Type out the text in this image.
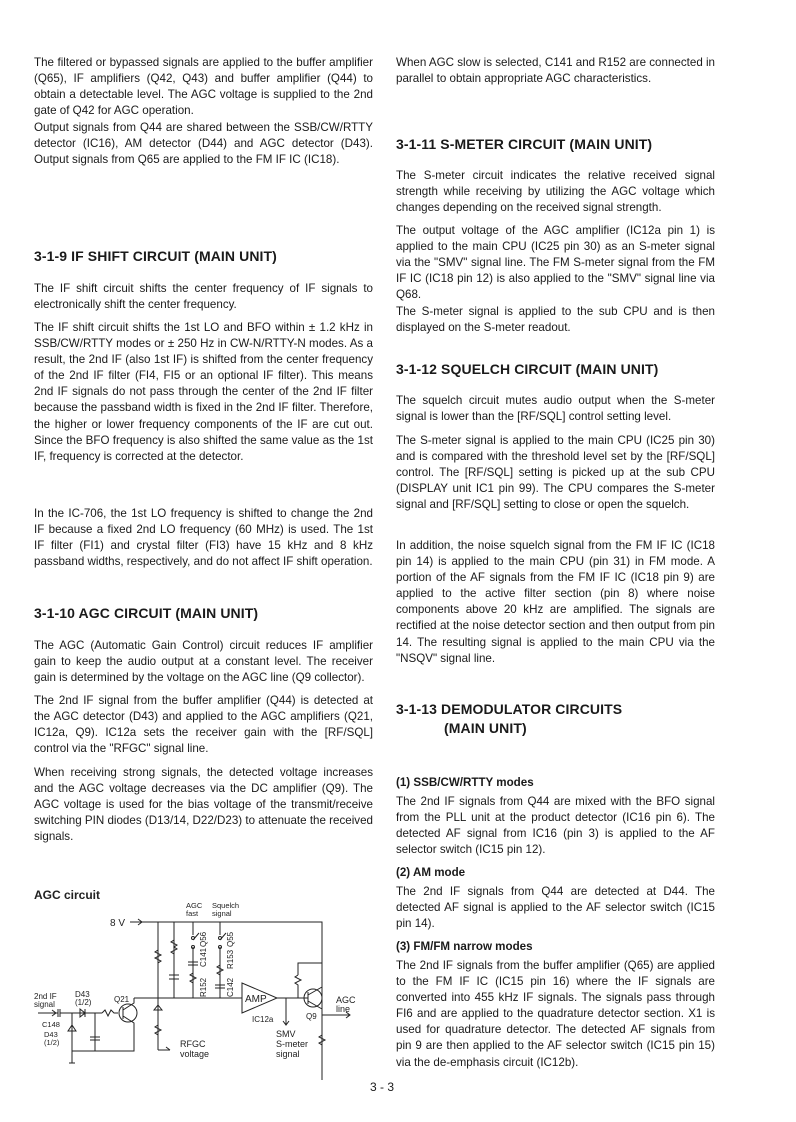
The filtered or bypassed signals are applied to the buffer amplifier (Q65), IF amplifiers (Q42, Q43) and buffer amplifier (Q44) to obtain a detectable level. The AGC voltage is supplied to the 2nd gate of Q42 for AGC operation.

Output signals from Q44 are shared between the SSB/CW/RTTY detector (IC16), AM detector (D44) and AGC detector (D43). Output signals from Q65 are applied to the FM IF IC (IC18).

3-1-9 IF SHIFT CIRCUIT (MAIN UNIT)

The IF shift circuit shifts the center frequency of IF signals to electronically shift the center frequency.

The IF shift circuit shifts the 1st LO and BFO within ± 1.2 kHz in SSB/CW/RTTY modes or ± 250 Hz in CW-N/RTTY-N modes. As a result, the 2nd IF (also 1st IF) is shifted from the center frequency of the 2nd IF filter (FI4, FI5 or an optional IF filter). This means 2nd IF signals do not pass through the center of the 2nd IF filter because the passband width is fixed in the 2nd IF filter. Therefore, the higher or lower frequency components of the IF are cut out. Since the BFO frequency is also shifted the same value as the 1st IF, frequency is corrected at the detector.

In the IC-706, the 1st LO frequency is shifted to change the 2nd IF because a fixed 2nd LO frequency (60 MHz) is used. The 1st IF filter (FI1) and crystal filter (FI3) have 15 kHz and 8 kHz passband widths, respectively, and do not affect IF shift operation.

3-1-10 AGC CIRCUIT (MAIN UNIT)

The AGC (Automatic Gain Control) circuit reduces IF amplifier gain to keep the audio output at a constant level. The receiver gain is determined by the voltage on the AGC line (Q9 collector).

The 2nd IF signal from the buffer amplifier (Q44) is detected at the AGC detector (D43) and applied to the AGC amplifiers (Q21, IC12a, Q9). IC12a sets the receiver gain with the [RF/SQL] control via the "RFGC" signal line.

When receiving strong signals, the detected voltage increases and the AGC voltage decreases via the DC amplifier (Q9). The AGC voltage is used for the bias voltage of the transmit/receive switching PIN diodes (D13/14, D22/D23) to attenuate the received signals.

AGC circuit
8 V
AGC
fast
Squelch
signal
R152
C141
Q56
C142
R153
Q55
AMP
IC12a	Q9
AGC
line
SMV
S-meter
signal
2nd IF
signal
D43
(1/2)	Q21
C148
D43
(1/2)	RFGC
voltage
3 - 3

When AGC slow is selected, C141 and R152 are connected in parallel to obtain appropriate AGC characteristics.

3-1-11 S-METER CIRCUIT (MAIN UNIT)

The S-meter circuit indicates the relative received signal strength while receiving by utilizing the AGC voltage which changes depending on the received signal strength.

The output voltage of the AGC amplifier (IC12a pin 1) is applied to the main CPU (IC25 pin 30) as an S-meter signal via the "SMV" signal line. The FM S-meter signal from the FM IF IC (IC18 pin 12) is also applied to the "SMV" signal line via Q68.

The S-meter signal is applied to the sub CPU and is then displayed on the S-meter readout.

3-1-12 SQUELCH CIRCUIT (MAIN UNIT)

The squelch circuit mutes audio output when the S-meter signal is lower than the [RF/SQL] control setting level.

The S-meter signal is applied to the main CPU (IC25 pin 30) and is compared with the threshold level set by the [RF/SQL] control. The [RF/SQL] setting is picked up at the sub CPU (DISPLAY unit IC1 pin 99). The CPU compares the S-meter signal and [RF/SQL] setting to close or open the squelch.

In addition, the noise squelch signal from the FM IF IC (IC18 pin 14) is applied to the main CPU (pin 31) in FM mode. A portion of the AF signals from the FM IF IC (IC18 pin 9) are applied to the active filter section (pin 8) where noise components above 20 kHz are amplified. The signals are rectified at the noise detector section and then output from pin 14. The resulting signal is applied to the main CPU via the "NSQV" signal line.

3-1-13 DEMODULATOR CIRCUITS
(MAIN UNIT)
(1) SSB/CW/RTTY modes

The 2nd IF signals from Q44 are mixed with the BFO signal from the PLL unit at the product detector (IC16 pin 6). The detected AF signal from IC16 (pin 3) is applied to the AF selector switch (IC15 pin 12).

(2) AM mode

The 2nd IF signals from Q44 are detected at D44. The detected AF signal is applied to the AF selector switch (IC15 pin 14).

(3) FM/FM narrow modes

The 2nd IF signals from the buffer amplifier (Q65) are applied to the FM IF IC (IC15 pin 16) where the IF signals are converted into 455 kHz IF signals. The signals pass through FI6 and are applied to the quadrature detector section. X1 is used for quadrature detector. The detected AF signals from pin 9 are then applied to the AF selector switch (IC15 pin 15) via the de-emphasis circuit (IC12b).
